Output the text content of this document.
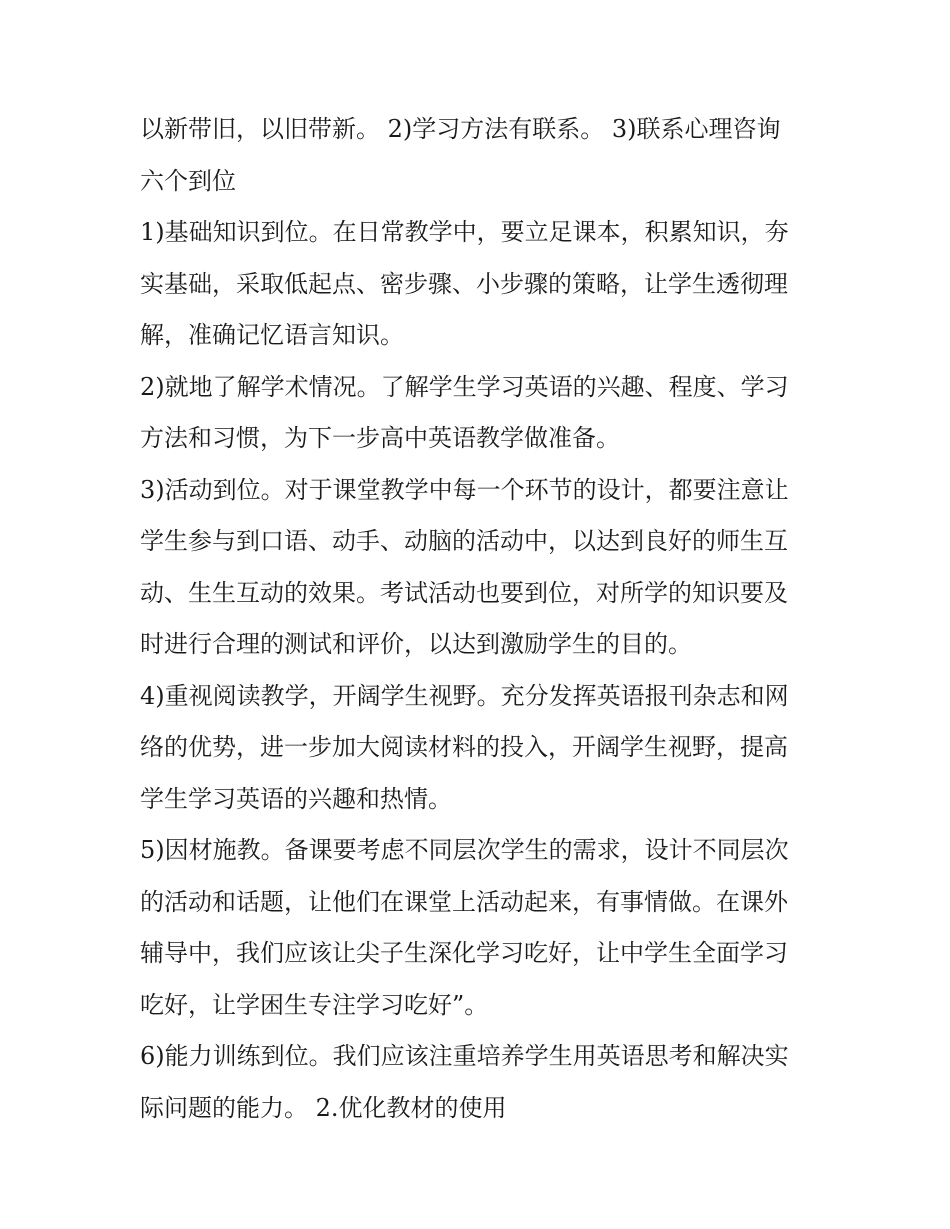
以新带旧，以旧带新。 2)学习方法有联系。 3)联系心理咨询
六个到位
1)基础知识到位。在日常教学中，要立足课本，积累知识，夯
实基础，采取低起点、密步骤、小步骤的策略，让学生透彻理
解，准确记忆语言知识。
2)就地了解学术情况。了解学生学习英语的兴趣、程度、学习
方法和习惯，为下一步高中英语教学做准备。
3)活动到位。对于课堂教学中每一个环节的设计，都要注意让
学生参与到口语、动手、动脑的活动中，以达到良好的师生互
动、生生互动的效果。考试活动也要到位，对所学的知识要及
时进行合理的测试和评价，以达到激励学生的目的。
4)重视阅读教学，开阔学生视野。充分发挥英语报刊杂志和网
络的优势，进一步加大阅读材料的投入，开阔学生视野，提高
学生学习英语的兴趣和热情。
5)因材施教。备课要考虑不同层次学生的需求，设计不同层次
的活动和话题，让他们在课堂上活动起来，有事情做。在课外
辅导中，我们应该让尖子生深化学习吃好，让中学生全面学习
吃好，让学困生专注学习吃好”。
6)能力训练到位。我们应该注重培养学生用英语思考和解决实
际问题的能力。 2.优化教材的使用
